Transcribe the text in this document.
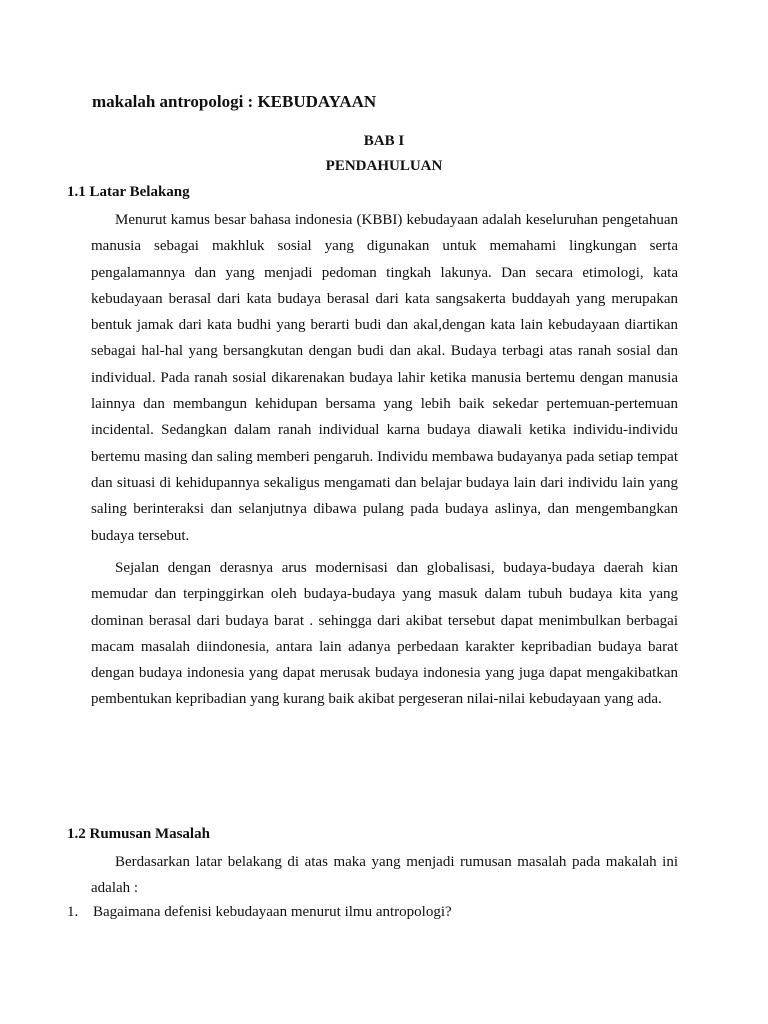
makalah antropologi : KEBUDAYAAN
BAB I
PENDAHULUAN
1.1 Latar Belakang

Menurut kamus besar bahasa indonesia (KBBI) kebudayaan adalah keseluruhan pengetahuan manusia sebagai makhluk sosial yang digunakan untuk memahami lingkungan serta pengalamannya dan yang menjadi pedoman tingkah lakunya. Dan secara etimologi, kata kebudayaan berasal dari kata budaya berasal dari kata sangsakerta buddayah yang merupakan bentuk jamak dari kata budhi yang berarti budi dan akal,dengan kata lain kebudayaan diartikan sebagai hal-hal yang bersangkutan dengan budi dan akal. Budaya terbagi atas ranah sosial dan individual. Pada ranah sosial dikarenakan budaya lahir ketika manusia bertemu dengan manusia lainnya dan membangun kehidupan bersama yang lebih baik sekedar pertemuan-pertemuan incidental. Sedangkan dalam ranah individual karna budaya diawali ketika individu-individu bertemu masing dan saling memberi pengaruh. Individu membawa budayanya pada setiap tempat dan situasi di kehidupannya sekaligus mengamati dan belajar budaya lain dari individu lain yang saling berinteraksi dan selanjutnya dibawa pulang pada budaya aslinya, dan mengembangkan budaya tersebut.

Sejalan dengan derasnya arus modernisasi dan globalisasi, budaya-budaya daerah kian memudar dan terpinggirkan oleh budaya-budaya yang masuk dalam tubuh budaya kita yang dominan berasal dari budaya barat . sehingga dari akibat tersebut dapat menimbulkan berbagai macam masalah diindonesia, antara lain adanya perbedaan karakter kepribadian budaya barat dengan budaya indonesia yang dapat merusak budaya indonesia yang juga dapat mengakibatkan pembentukan kepribadian yang kurang baik akibat pergeseran nilai-nilai kebudayaan yang ada.

1.2 Rumusan Masalah

Berdasarkan latar belakang di atas maka yang menjadi rumusan masalah pada makalah ini adalah :

1. Bagaimana defenisi kebudayaan menurut ilmu antropologi?
